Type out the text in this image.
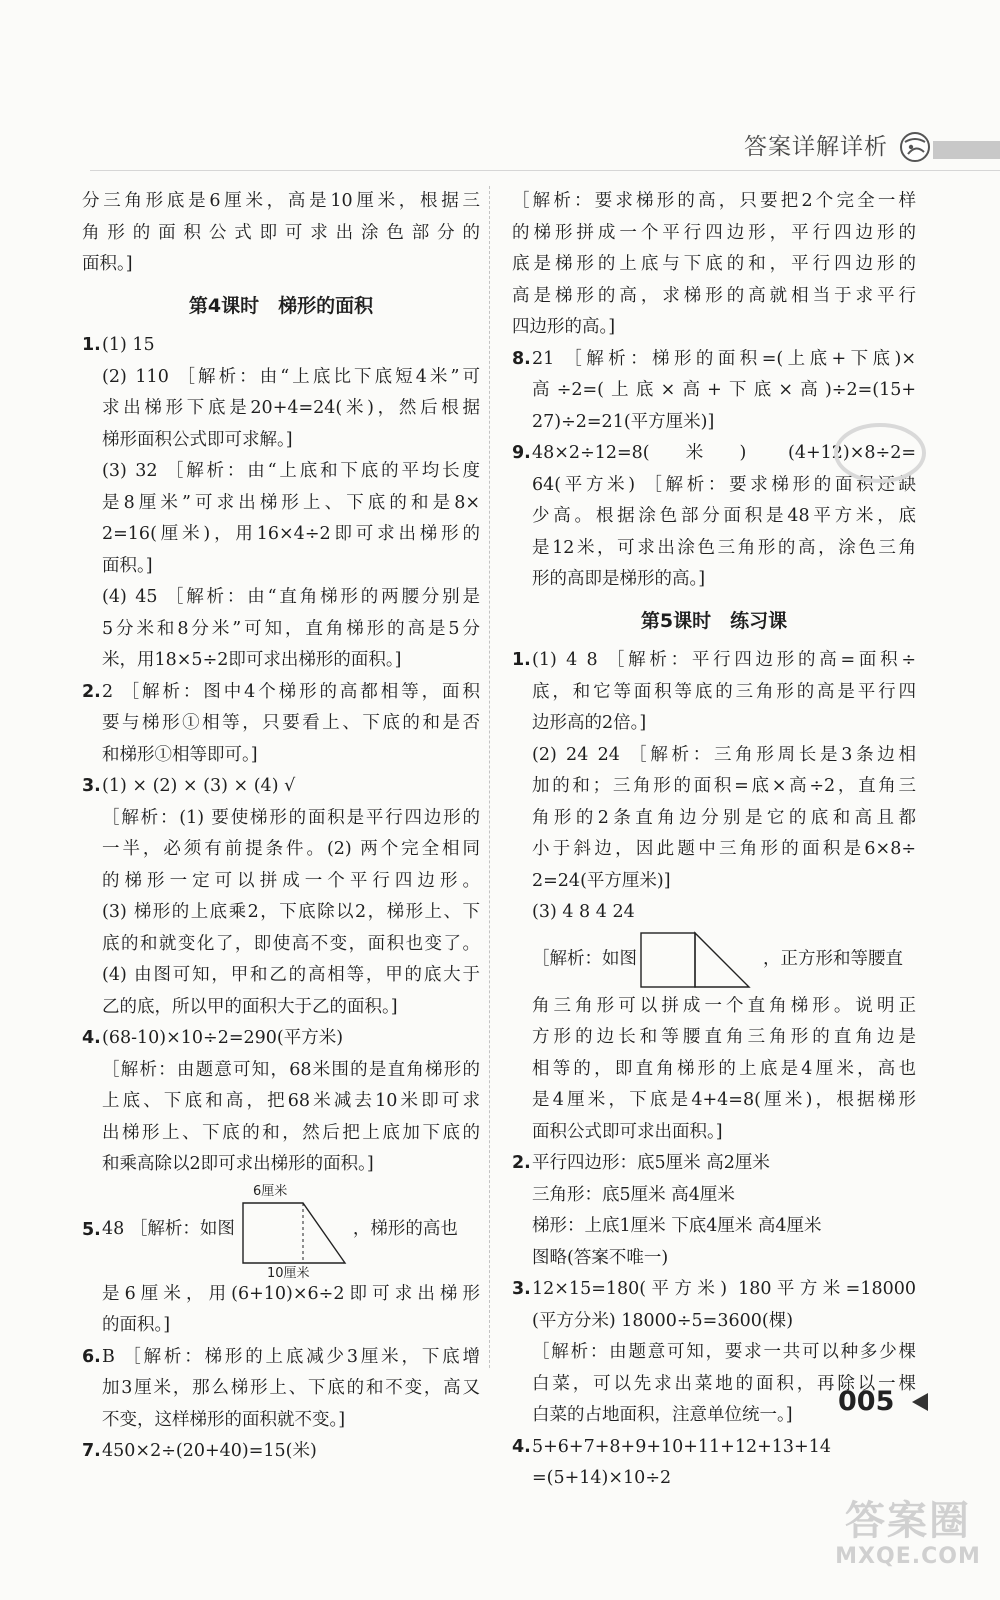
答案详解详析

分三角形底是6厘米，高是10厘米，根据三

角形的面积公式即可求出涂色部分的

面积。]

第4课时　梯形的面积
1. (1) 15

(2) 110 ［解析：由“上底比下底短4米”可

求出梯形下底是20+4=24(米)，然后根据

梯形面积公式即可求解。]

(3) 32 ［解析：由“上底和下底的平均长度

是8厘米”可求出梯形上、下底的和是8×

2=16(厘米)，用16×4÷2即可求出梯形的

面积。]

(4) 45 ［解析：由“直角梯形的两腰分别是

5分米和8分米”可知，直角梯形的高是5分

米，用18×5÷2即可求出梯形的面积。]

2. 2 ［解析：图中4个梯形的高都相等，面积

要与梯形①相等，只要看上、下底的和是否

和梯形①相等即可。]

3. (1) × (2) × (3) × (4) √

［解析：(1) 要使梯形的面积是平行四边形的

一半，必须有前提条件。(2) 两个完全相同

的梯形一定可以拼成一个平行四边形。

(3) 梯形的上底乘2，下底除以2，梯形上、下

底的和就变化了，即使高不变，面积也变了。

(4) 由图可知，甲和乙的高相等，甲的底大于

乙的底，所以甲的面积大于乙的面积。]

4. (68-10)×10÷2=290(平方米)

［解析：由题意可知，68米围的是直角梯形的

上底、下底和高，把68米减去10米即可求

出梯形上、下底的和，然后把上底加下底的

和乘高除以2即可求出梯形的面积。]

5. 48 ［解析：如图
6厘米
10厘米
，梯形的高也

是6厘米，用(6+10)×6÷2即可求出梯形

的面积。]

6. B ［解析：梯形的上底减少3厘米，下底增

加3厘米，那么梯形上、下底的和不变，高又

不变，这样梯形的面积就不变。]

7. 450×2÷(20+40)=15(米)

［解析：要求梯形的高，只要把2个完全一样

的梯形拼成一个平行四边形，平行四边形的

底是梯形的上底与下底的和，平行四边形的

高是梯形的高，求梯形的高就相当于求平行

四边形的高。]

8. 21 ［解析：梯形的面积=(上底+下底)×

高÷2=(上底×高+下底×高)÷2=(15+

27)÷2=21(平方厘米)]

9. 48×2÷12=8(米) (4+12)×8÷2=

64(平方米) ［解析：要求梯形的面积还缺

少高。根据涂色部分面积是48平方米，底

是12米，可求出涂色三角形的高，涂色三角

形的高即是梯形的高。]

第5课时　练习课
1. (1) 4 8 ［解析：平行四边形的高=面积÷

底，和它等面积等底的三角形的高是平行四

边形高的2倍。]

(2) 24 24 ［解析：三角形周长是3条边相

加的和；三角形的面积=底×高÷2，直角三

角形的2条直角边分别是它的底和高且都

小于斜边，因此题中三角形的面积是6×8÷

2=24(平方厘米)]

(3) 4 8 4 24

［解析：如图	，正方形和等腰直

角三角形可以拼成一个直角梯形。说明正

方形的边长和等腰直角三角形的直角边是

相等的，即直角梯形的上底是4厘米，高也

是4厘米，下底是4+4=8(厘米)，根据梯形

面积公式即可求出面积。]

2. 平行四边形：底5厘米 高2厘米

三角形：底5厘米 高4厘米

梯形：上底1厘米 下底4厘米 高4厘米

图略(答案不唯一)

3. 12×15=180(平方米) 180平方米=18000

(平方分米) 18000÷5=3600(棵)

［解析：由题意可知，要求一共可以种多少棵

白菜，可以先求出菜地的面积，再除以一棵

白菜的占地面积，注意单位统一。]

4. 5+6+7+8+9+10+11+12+13+14

=(5+14)×10÷2

005
答案圈
MXQE.COM
